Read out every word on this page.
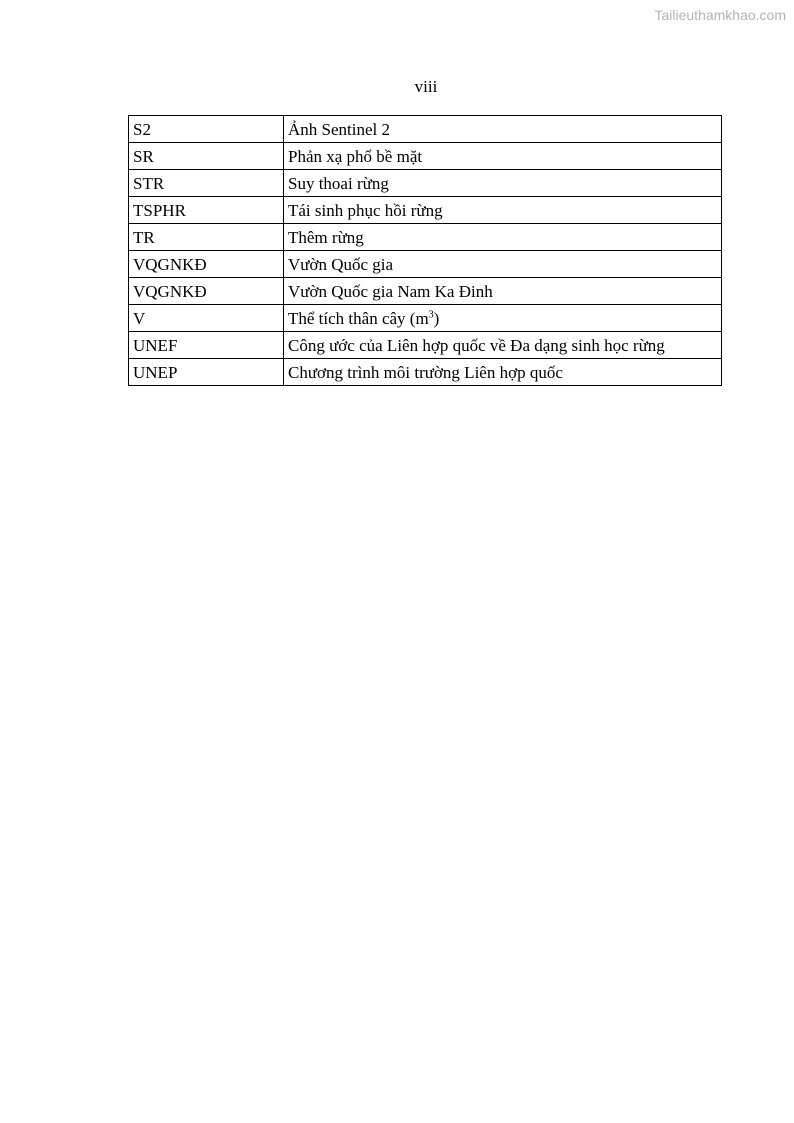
Tailieuthamkhao.com
viii
S2	Ảnh Sentinel 2
SR	Phản xạ phổ bề mặt
STR	Suy thoai rừng
TSPHR	Tái sinh phục hồi rừng
TR	Thêm rừng
VQGNKĐ	Vườn Quốc gia
VQGNKĐ	Vườn Quốc gia Nam Ka Đinh
V	Thể tích thân cây $(m^3)$
UNEF	Công ước của Liên hợp quốc về Đa dạng sinh học rừng
UNEP	Chương trình môi trường Liên hợp quốc
